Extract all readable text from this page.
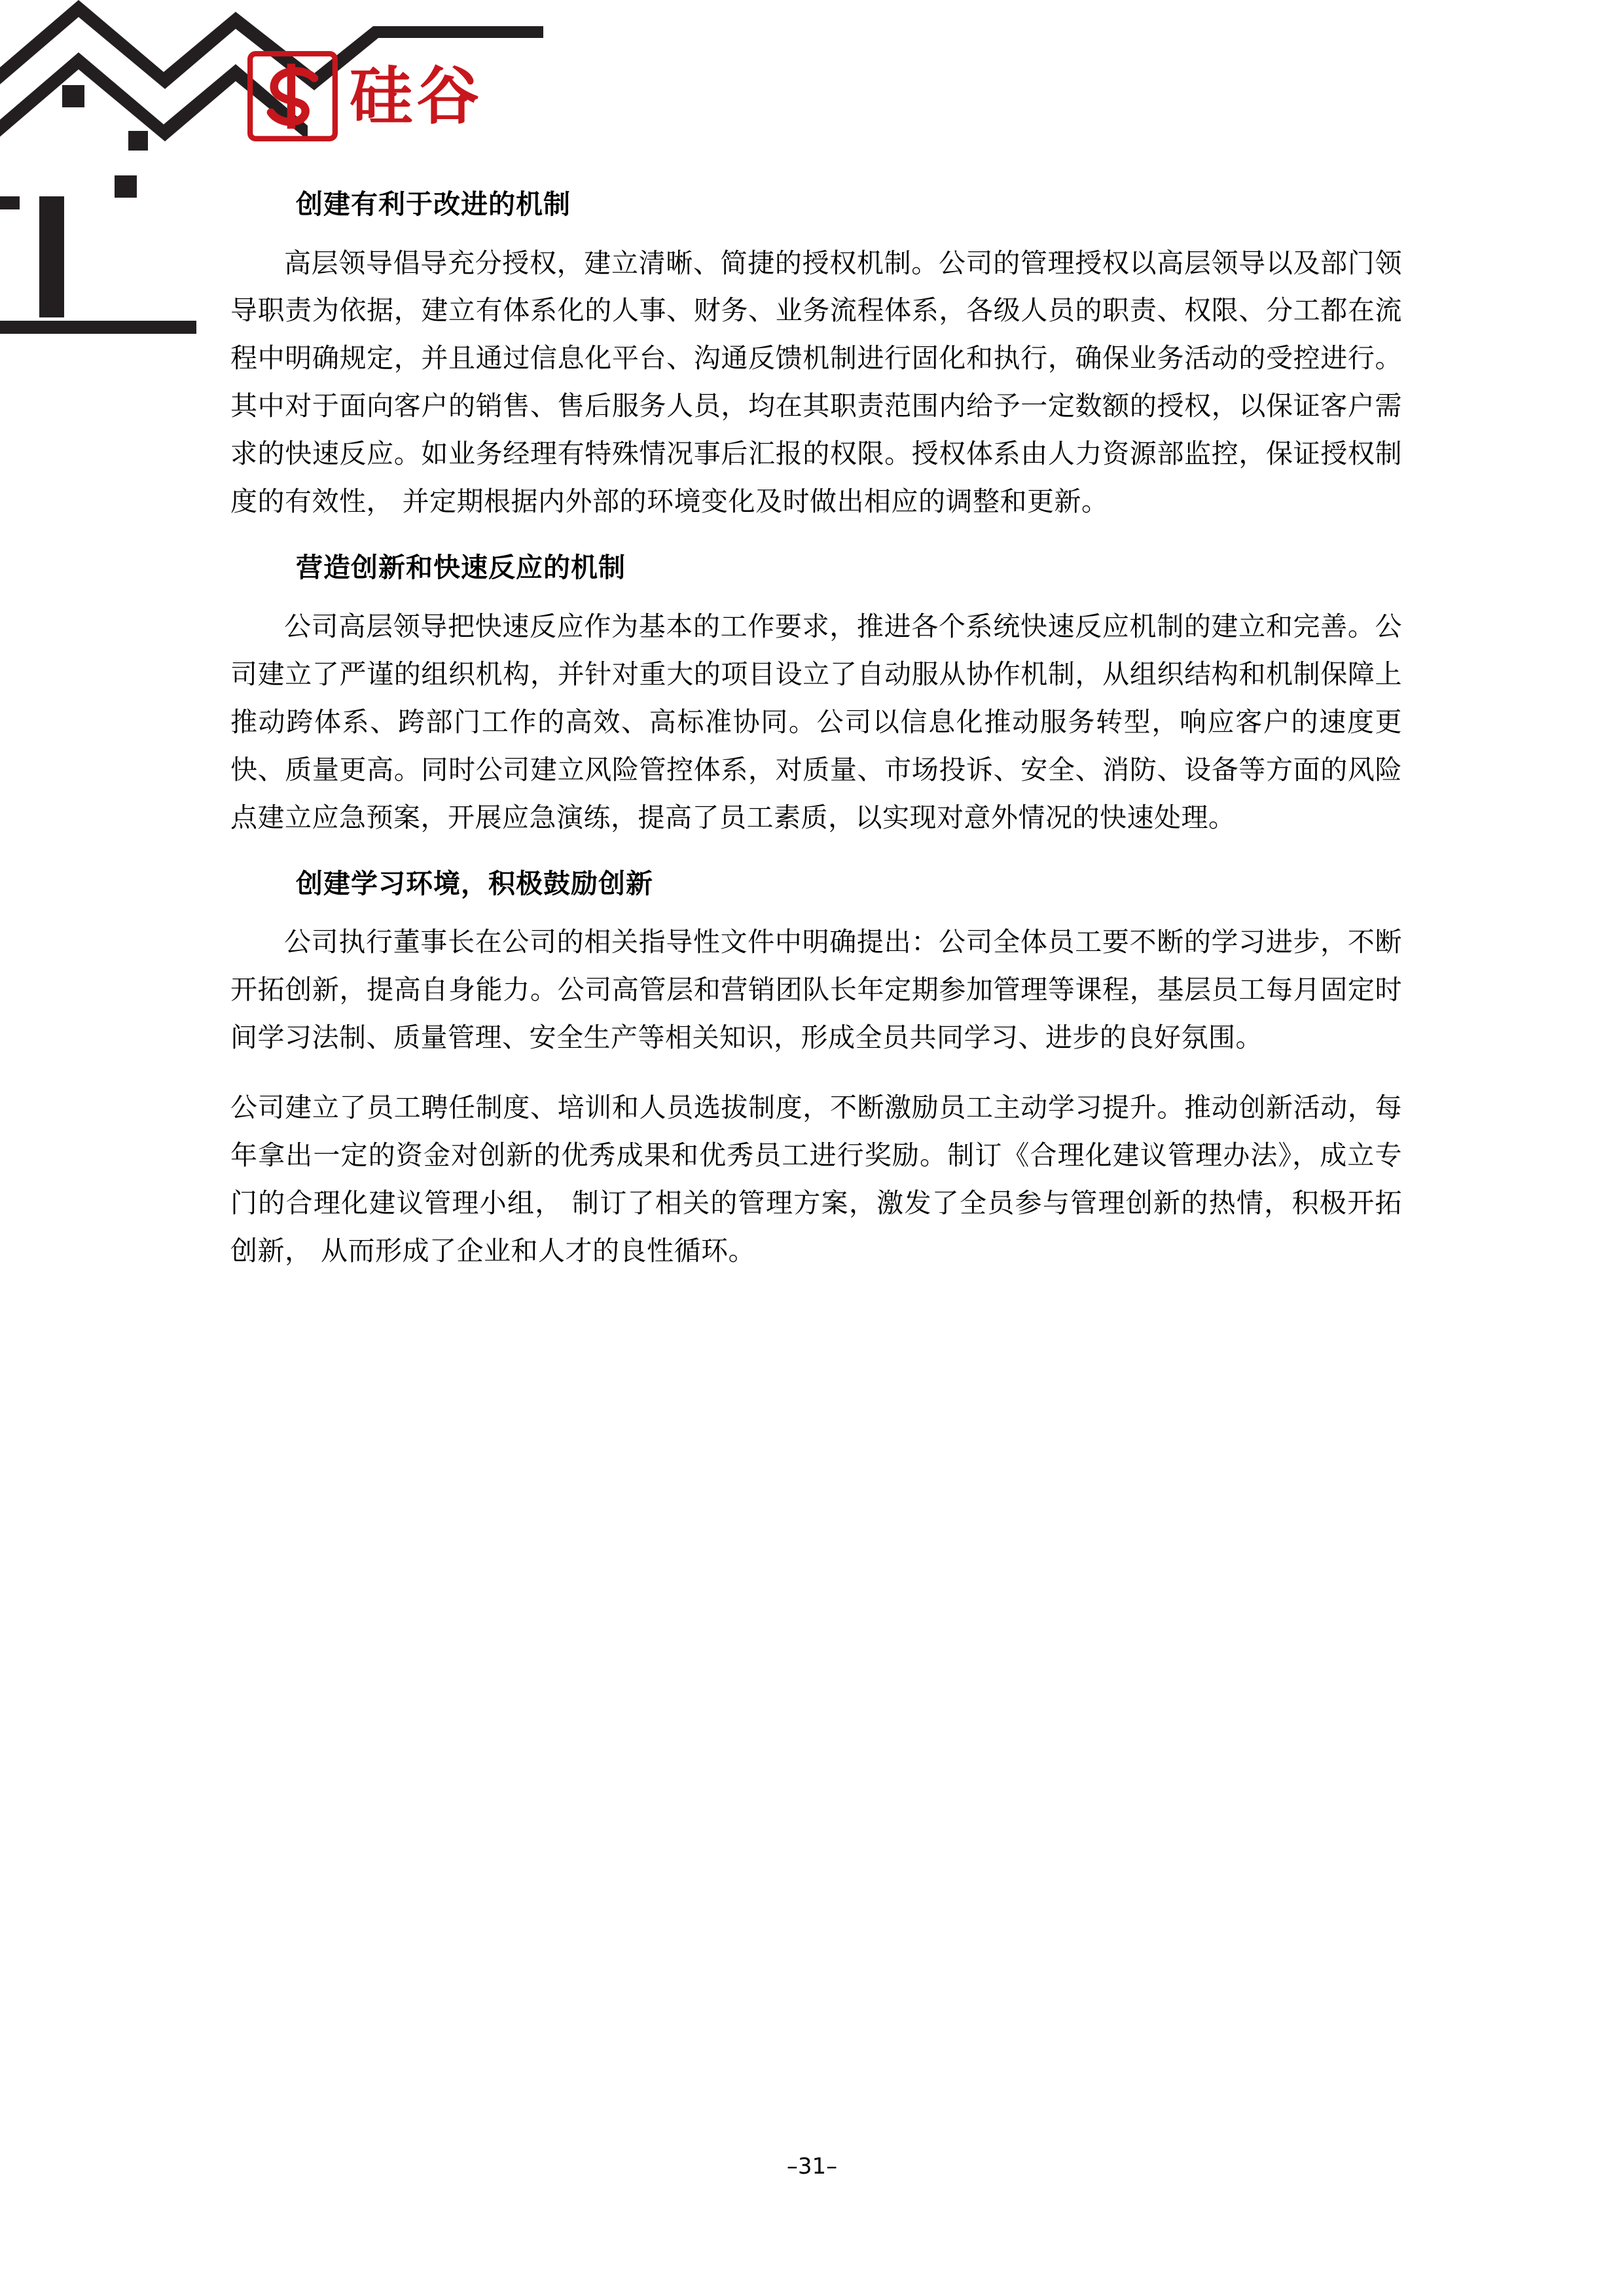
硅谷
创建有利于改进的机制

高层领导倡导充分授权，建立清晰、简捷的授权机制。公司的管理授权以高层领导以及部门领导职责为依据，建立有体系化的人事、财务、业务流程体系，各级人员的职责、权限、分工都在流程中明确规定，并且通过信息化平台、沟通反馈机制进行固化和执行，确保业务活动的受控进行。其中对于面向客户的销售、售后服务人员，均在其职责范围内给予一定数额的授权，以保证客户需求的快速反应。如业务经理有特殊情况事后汇报的权限。授权体系由人力资源部监控，保证授权制度的有效性， 并定期根据内外部的环境变化及时做出相应的调整和更新。

营造创新和快速反应的机制

公司高层领导把快速反应作为基本的工作要求，推进各个系统快速反应机制的建立和完善。公司建立了严谨的组织机构，并针对重大的项目设立了自动服从协作机制，从组织结构和机制保障上推动跨体系、跨部门工作的高效、高标准协同。公司以信息化推动服务转型，响应客户的速度更快、质量更高。同时公司建立风险管控体系，对质量、市场投诉、安全、消防、设备等方面的风险点建立应急预案，开展应急演练，提高了员工素质，以实现对意外情况的快速处理。

创建学习环境，积极鼓励创新

公司执行董事长在公司的相关指导性文件中明确提出：公司全体员工要不断的学习进步，不断开拓创新，提高自身能力。公司高管层和营销团队长年定期参加管理等课程，基层员工每月固定时间学习法制、质量管理、安全生产等相关知识，形成全员共同学习、进步的良好氛围。

公司建立了员工聘任制度、培训和人员选拔制度，不断激励员工主动学习提升。推动创新活动，每年拿出一定的资金对创新的优秀成果和优秀员工进行奖励。制订《合理化建议管理办法》，成立专门的合理化建议管理小组， 制订了相关的管理方案，激发了全员参与管理创新的热情，积极开拓创新， 从而形成了企业和人才的良性循环。

–31–
